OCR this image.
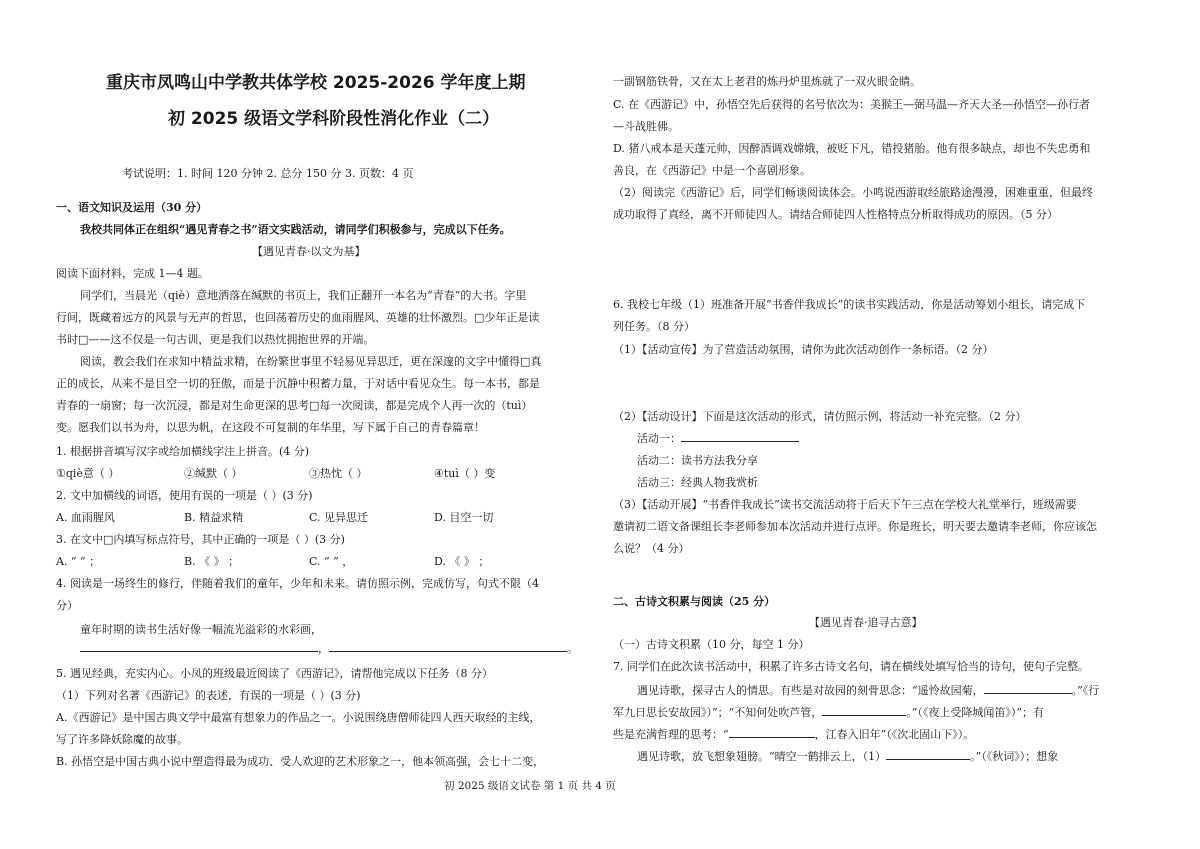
重庆市凤鸣山中学教共体学校 2025-2026 学年度上期
初 2025 级语文学科阶段性消化作业（二）
考试说明：1. 时间 120 分钟 2. 总分 150 分 3. 页数：4 页
一、语文知识及运用（30 分）
我校共同体正在组织“遇见青春之书”语文实践活动，请同学们积极参与，完成以下任务。
【遇见青春·以文为基】
阅读下面材料，完成 1—4 题。
同学们，当晨光（qiè）意地洒落在缄默的书页上，我们正翻开一本名为“青春”的大书。字里
行间，既藏着远方的风景与无声的哲思，也回荡着历史的血雨腥风、英雄的壮怀激烈。□少年正是读
书时□——这不仅是一句古训，更是我们以热忱拥抱世界的开端。
阅读，教会我们在求知中精益求精，在纷繁世事里不轻易见异思迁，更在深邃的文字中懂得□真
正的成长，从来不是目空一切的狂傲，而是于沉静中积蓄力量，于对话中看见众生。每一本书，都是
青春的一扇窗；每一次沉浸，都是对生命更深的思考□每一次阅读，都是完成个人再一次的（tuì）
变。愿我们以书为舟，以思为帆，在这段不可复制的年华里，写下属于自己的青春篇章！
1. 根据拼音填写汉字或给加横线字注上拼音。(4 分)
①qiè意（ ）	②缄默（ ）	③热忱（ ）	④tuì（ ）变
2. 文中加横线的词语，使用有误的一项是（ ）(3 分)
A. 血雨腥风	B. 精益求精	C. 见异思迁	D. 目空一切
3. 在文中□内填写标点符号，其中正确的一项是（ ）(3 分)
A. “ ” ；	B. 《 》 ；	C. “ ” ，	D. 《 》 ；
4. 阅读是一场终生的修行，伴随着我们的童年，少年和未来。请仿照示例，完成仿写，句式不限（4
分）
童年时期的读书生活好像一幅流光溢彩的水彩画，
，	。
5. 遇见经典，充实内心。小凤的班级最近阅读了《西游记》，请帮他完成以下任务（8 分）
（1）下列对名著《西游记》的表述，有误的一项是（ ）(3 分)
A.《西游记》是中国古典文学中最富有想象力的作品之一。小说围绕唐僧师徒四人西天取经的主线，
写了许多降妖除魔的故事。
B. 孙悟空是中国古典小说中塑造得最为成功、受人欢迎的艺术形象之一，他本领高强，会七十二变，
一副钢筋铁骨，又在太上老君的炼丹炉里炼就了一双火眼金睛。
C. 在《西游记》中，孙悟空先后获得的名号依次为：美猴王—弼马温—齐天大圣—孙悟空—孙行者
—斗战胜佛。
D. 猪八戒本是天蓬元帅，因醉酒调戏嫦娥，被贬下凡，错投猪胎。他有很多缺点，却也不失忠勇和
善良，在《西游记》中是一个喜剧形象。
（2）阅读完《西游记》后，同学们畅谈阅读体会。小鸣说西游取经旅路途漫漫，困难重重，但最终
成功取得了真经，离不开师徒四人。请结合师徒四人性格特点分析取得成功的原因。（5 分）
6. 我校七年级（1）班准备开展“书香伴我成长”的读书实践活动，你是活动筹划小组长，请完成下
列任务。（8 分）
（1）【活动宣传】为了营造活动氛围，请你为此次活动创作一条标语。（2 分）
（2）【活动设计】下面是这次活动的形式，请仿照示例，将活动一补充完整。（2 分）
活动一：
活动二：读书方法我分享
活动三：经典人物我赏析
（3）【活动开展】“书香伴我成长”读书交流活动将于后天下午三点在学校大礼堂举行，班级需要
邀请初二语文备课组长李老师参加本次活动并进行点评。你是班长，明天要去邀请李老师，你应该怎
么说？（4 分）
二、古诗文积累与阅读（25 分）
【遇见青春·追寻古意】
（一）古诗文积累（10 分，每空 1 分）
7. 同学们在此次读书活动中，积累了许多古诗文名句，请在横线处填写恰当的诗句，使句子完整。
遇见诗歌，探寻古人的情思。有些是对故园的刻骨思念：“遥怜故园菊，	。”《行
军九日思长安故园》）”；“不知何处吹芦管，	。”（《夜上受降城闻笛》）”；有
些是充满哲理的思考：“	，江春入旧年”（《次北固山下》）。
遇见诗歌，放飞想象翅膀。“晴空一鹤排云上，（1）	。”（《秋词》）；想象
初 2025 级语文试卷 第 1 页 共 4 页
